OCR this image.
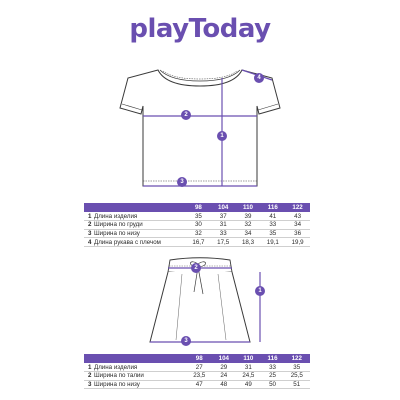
playToday
1
2
3
4
		98	104	110	116	122
1	Длина изделия	35	37	39	41	43
2	Ширина по груди	30	31	32	33	34
3	Ширина по низу	32	33	34	35	36
4	Длина рукава с плечом	16,7	17,5	18,3	19,1	19,9
1
2
3
		98	104	110	116	122
1	Длина изделия	27	29	31	33	35
2	Ширина по талии	23,5	24	24,5	25	25,5
3	Ширина по низу	47	48	49	50	51
